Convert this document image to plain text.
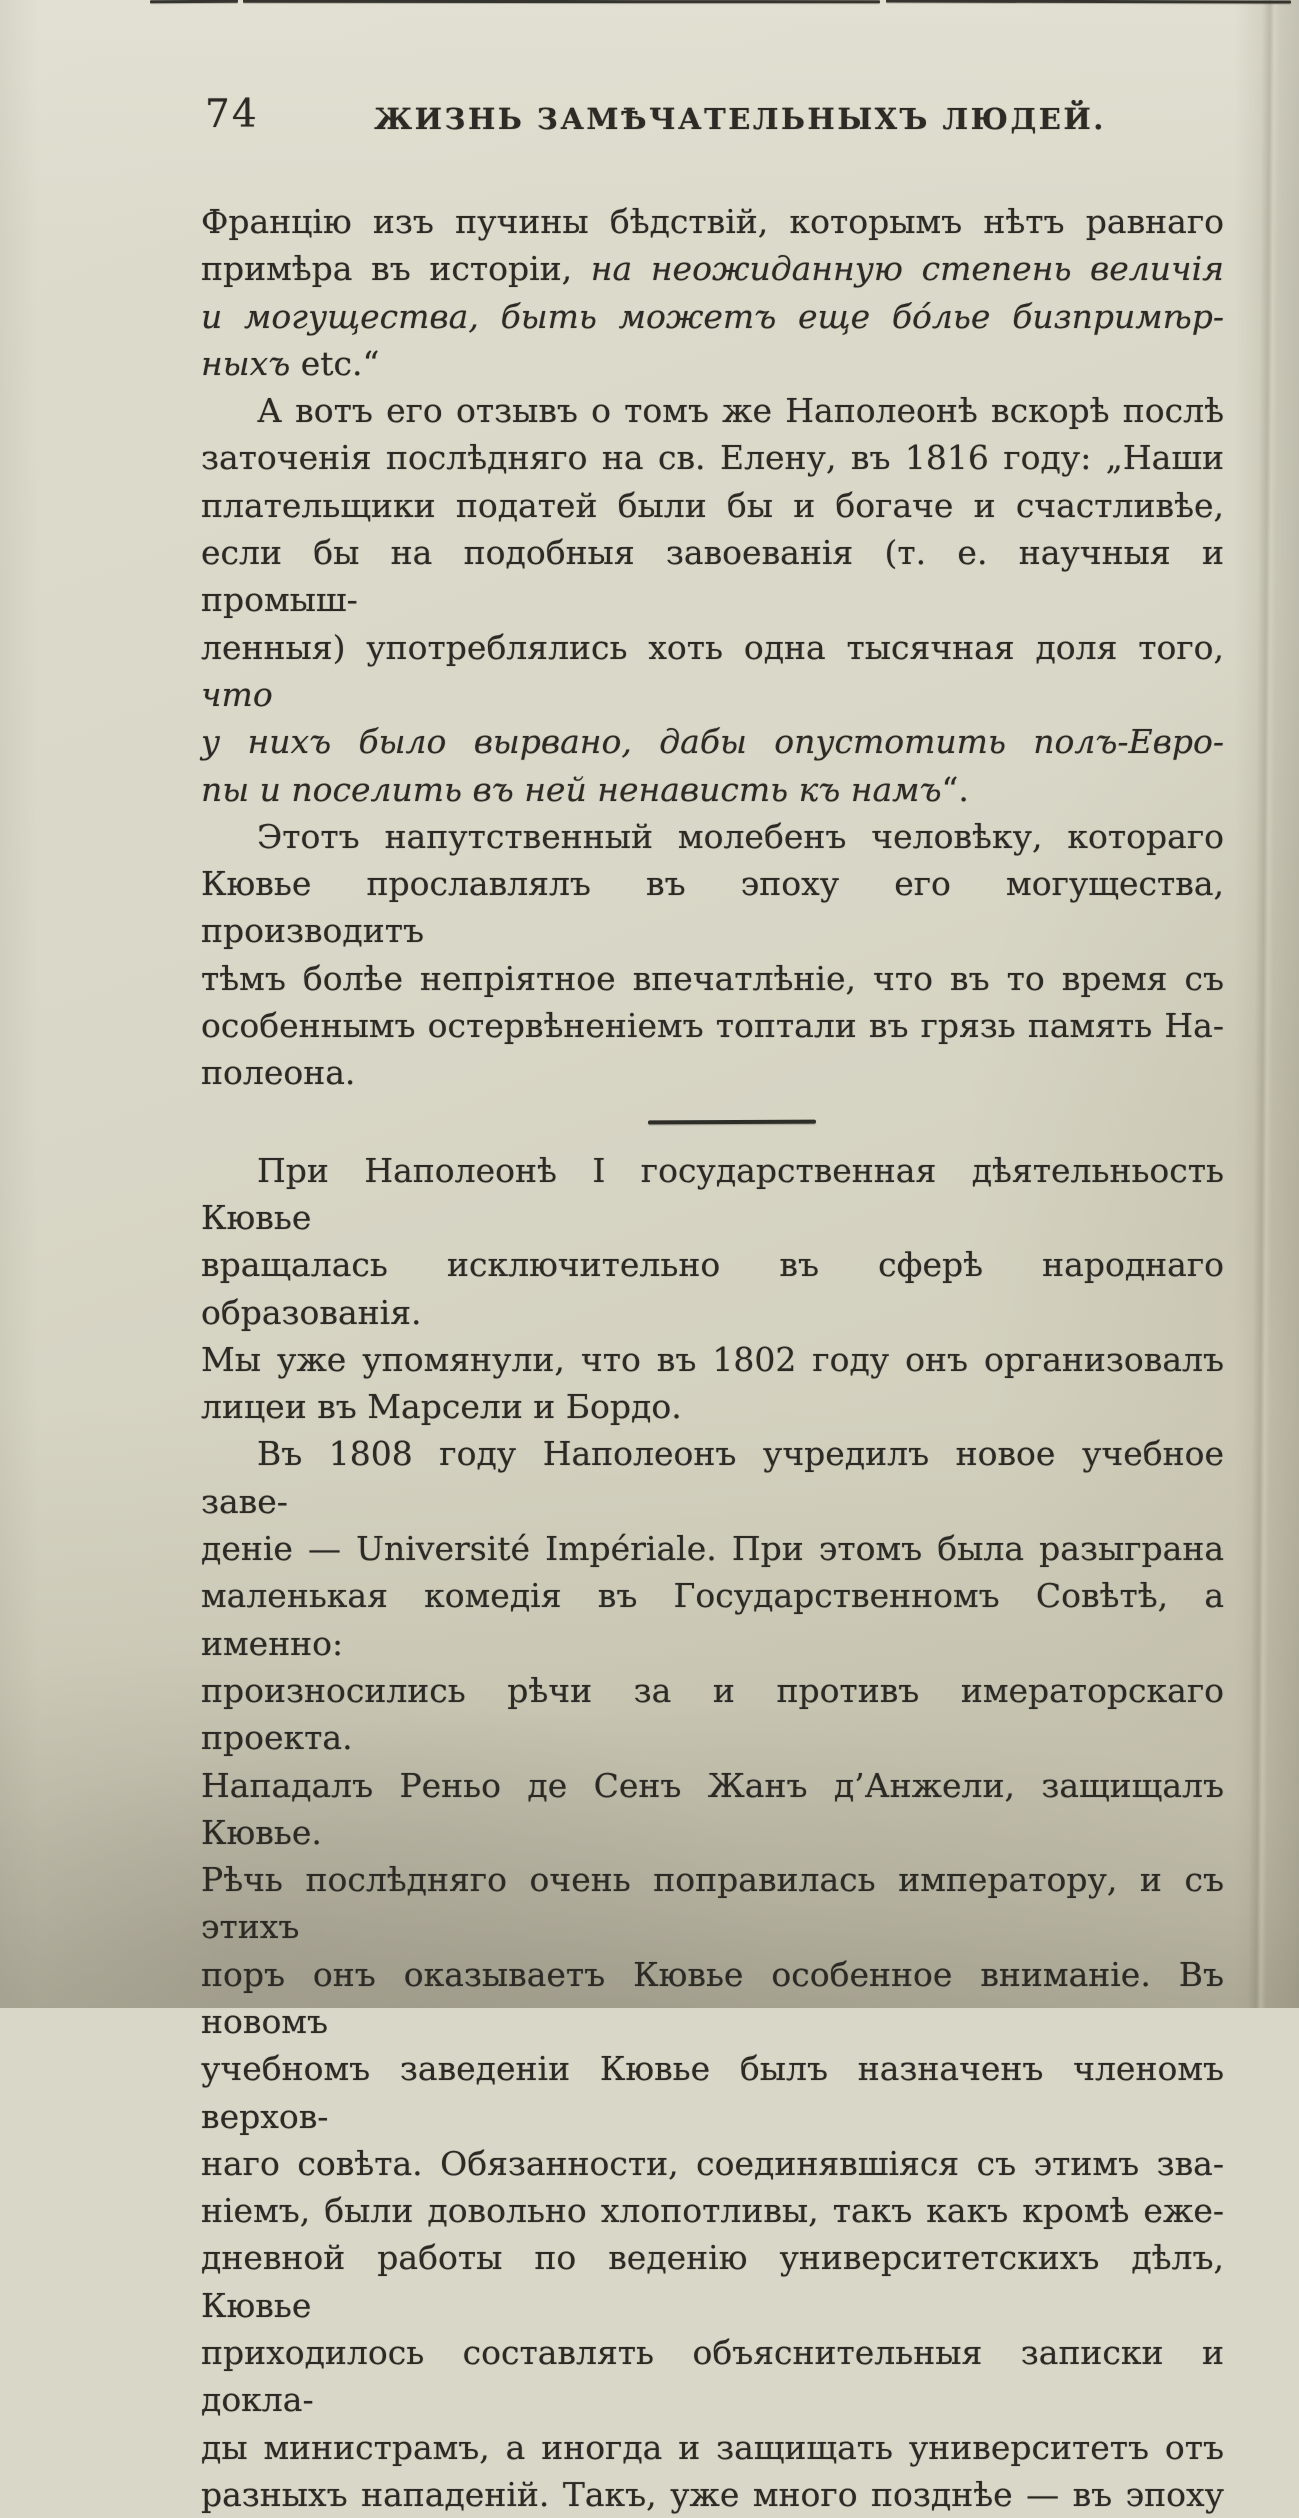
74	ЖИЗНЬ ЗАМѢЧАТЕЛЬНЫХЪ ЛЮДЕЙ.
Францію изъ пучины бѣдствій, которымъ нѣтъ равнаго
примѣра въ исторіи, на неожиданную степень величія
и могущества, быть можетъ еще бо́лье бизпримѣр-
ныхъ etc.“
А вотъ его отзывъ о томъ же Наполеонѣ вскорѣ послѣ
заточенія послѣдняго на св. Елену, въ 1816 году: „Наши
плательщики податей были бы и богаче и счастливѣе,
если бы на подобныя завоеванія (т. е. научныя и промыш-
ленныя) употреблялись хоть одна тысячная доля того, что
у нихъ было вырвано, дабы опустотить полъ-Евро-
пы и поселить въ ней ненависть къ намъ“.
Этотъ напутственный молебенъ человѣку, котораго
Кювье прославлялъ въ эпоху его могущества, производитъ
тѣмъ болѣе непріятное впечатлѣніе, что въ то время съ
особеннымъ остервѣненіемъ топтали въ грязь память На-
полеона.
При Наполеонѣ I государственная дѣятельньость Кювье
вращалась исключительно въ сферѣ народнаго образованія.
Мы уже упомянули, что въ 1802 году онъ организовалъ
лицеи въ Марсели и Бордо.
Въ 1808 году Наполеонъ учредилъ новое учебное заве-
деніе — Université Impériale. При этомъ была разыграна
маленькая комедія въ Государственномъ Совѣтѣ, а именно:
произносились рѣчи за и противъ имераторскаго проекта.
Нападалъ Реньо де Сенъ Жанъ д’Анжели, защищалъ Кювье.
Рѣчь послѣдняго очень поправилась императору, и съ этихъ
поръ онъ оказываетъ Кювье особенное вниманіе. Въ новомъ
учебномъ заведеніи Кювье былъ назначенъ членомъ верхов-
наго совѣта. Обязанности, соединявшіяся съ этимъ зва-
ніемъ, были довольно хлопотливы, такъ какъ кромѣ еже-
дневной работы по веденію университетскихъ дѣлъ, Кювье
приходилось составлять объяснительныя записки и докла-
ды министрамъ, а иногда и защищать университетъ отъ
разныхъ нападеній. Такъ, уже много позднѣе — въ эпоху
